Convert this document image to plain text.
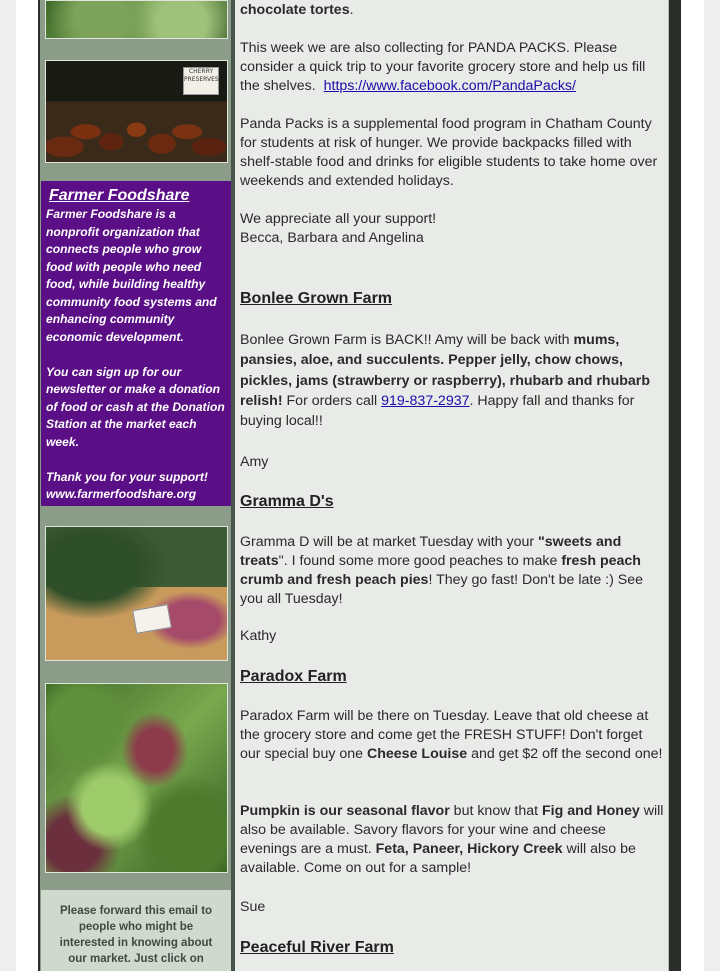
CHERRY PRESERVES
Farmer Foodshare

Farmer Foodshare is a nonprofit organization that connects people who grow food with people who need food, while building healthy community food systems and enhancing community economic development.

You can sign up for our newsletter or make a donation of food or cash at the Donation Station at the market each week.

Thank you for your support! www.farmerfoodshare.org

Please forward this email to people who might be interested in knowing about our market. Just click on
chocolate tortes.
This week we are also collecting for PANDA PACKS. Please consider a quick trip to your favorite grocery store and help us fill the shelves. https://www.facebook.com/PandaPacks/
Panda Packs is a supplemental food program in Chatham County for students at risk of hunger. We provide backpacks filled with shelf-stable food and drinks for eligible students to take home over weekends and extended holidays.
We appreciate all your support!
Becca, Barbara and Angelina
Bonlee Grown Farm
Bonlee Grown Farm is BACK!! Amy will be back with mums, pansies, aloe, and succulents. Pepper jelly, chow chows, pickles, jams (strawberry or raspberry), rhubarb and rhubarb relish! For orders call 919-837-2937. Happy fall and thanks for buying local!!
Amy
Gramma D's
Gramma D will be at market Tuesday with your "sweets and treats". I found some more good peaches to make fresh peach crumb and fresh peach pies! They go fast! Don't be late :) See you all Tuesday!
Kathy
Paradox Farm
Paradox Farm will be there on Tuesday. Leave that old cheese at the grocery store and come get the FRESH STUFF! Don't forget our special buy one Cheese Louise and get $2 off the second one!
Pumpkin is our seasonal flavor but know that Fig and Honey will also be available. Savory flavors for your wine and cheese evenings are a must. Feta, Paneer, Hickory Creek will also be available. Come on out for a sample!
Sue
Peaceful River Farm
